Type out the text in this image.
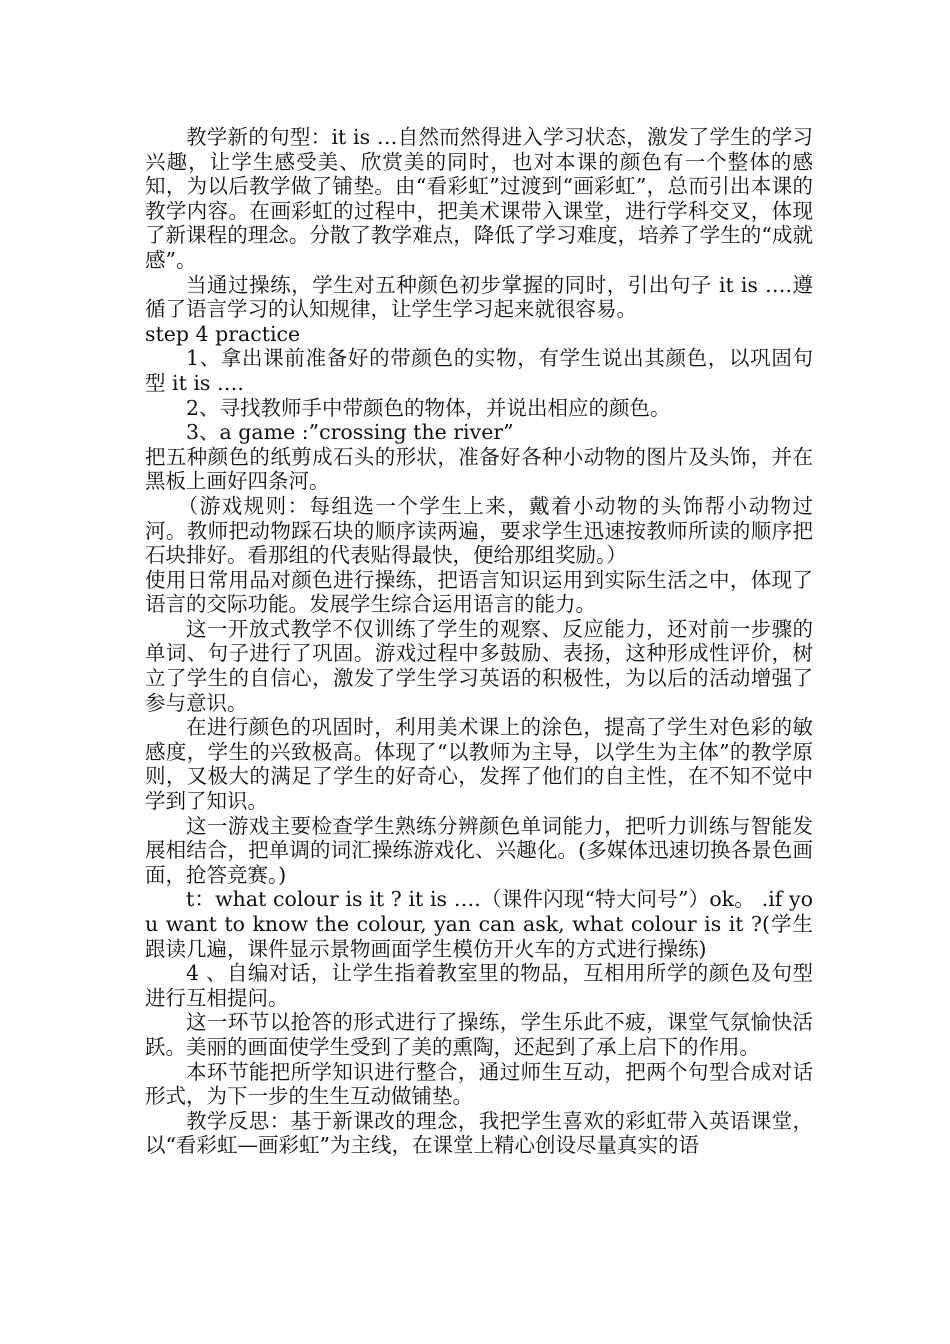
教学新的句型：it is …自然而然得进入学习状态，激发了学生的学习兴趣，让学生感受美、欣赏美的同时，也对本课的颜色有一个整体的感知，为以后教学做了铺垫。由“看彩虹”过渡到“画彩虹”，总而引出本课的教学内容。在画彩虹的过程中，把美术课带入课堂，进行学科交叉，体现了新课程的理念。分散了教学难点，降低了学习难度，培养了学生的“成就感”。

当通过操练，学生对五种颜色初步掌握的同时，引出句子 it is ….遵循了语言学习的认知规律，让学生学习起来就很容易。

step 4 practice

1、拿出课前准备好的带颜色的实物，有学生说出其颜色，以巩固句型 it is ….

2、寻找教师手中带颜色的物体，并说出相应的颜色。

3、a game :”crossing the river”

把五种颜色的纸剪成石头的形状，准备好各种小动物的图片及头饰，并在黑板上画好四条河。

（游戏规则：每组选一个学生上来，戴着小动物的头饰帮小动物过河。教师把动物踩石块的顺序读两遍，要求学生迅速按教师所读的顺序把石块排好。看那组的代表贴得最快，便给那组奖励。）

使用日常用品对颜色进行操练，把语言知识运用到实际生活之中，体现了语言的交际功能。发展学生综合运用语言的能力。

这一开放式教学不仅训练了学生的观察、反应能力，还对前一步骤的单词、句子进行了巩固。游戏过程中多鼓励、表扬，这种形成性评价，树立了学生的自信心，激发了学生学习英语的积极性，为以后的活动增强了参与意识。

在进行颜色的巩固时，利用美术课上的涂色，提高了学生对色彩的敏感度，学生的兴致极高。体现了“以教师为主导，以学生为主体”的教学原则，又极大的满足了学生的好奇心，发挥了他们的自主性，在不知不觉中学到了知识。

这一游戏主要检查学生熟练分辨颜色单词能力，把听力训练与智能发展相结合，把单调的词汇操练游戏化、兴趣化。(多媒体迅速切换各景色画面，抢答竞赛。)

t：what colour is it ? it is ….（课件闪现“特大问号”）ok。 .if you want to know the colour, yan can ask, what colour is it ?(学生跟读几遍，课件显示景物画面学生模仿开火车的方式进行操练)

4 、自编对话，让学生指着教室里的物品，互相用所学的颜色及句型进行互相提问。

这一环节以抢答的形式进行了操练，学生乐此不疲，课堂气氛愉快活跃。美丽的画面使学生受到了美的熏陶，还起到了承上启下的作用。

本环节能把所学知识进行整合，通过师生互动，把两个句型合成对话形式，为下一步的生生互动做铺垫。

教学反思：基于新课改的理念，我把学生喜欢的彩虹带入英语课堂，以“看彩虹—画彩虹”为主线，在课堂上精心创设尽量真实的语
